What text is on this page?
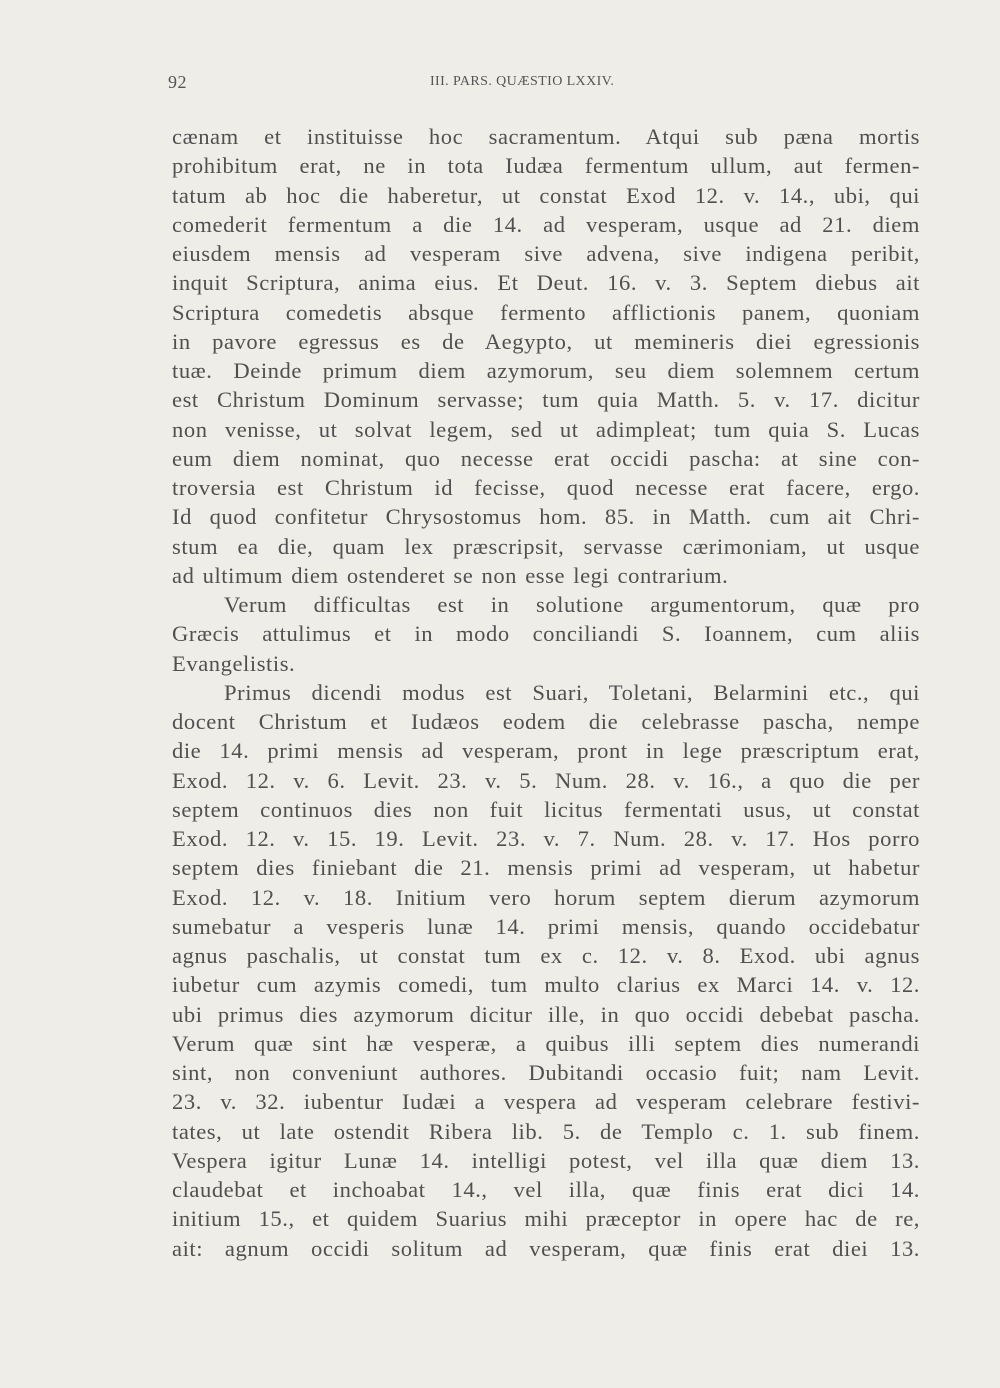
92	III. PARS. QUÆSTIO LXXIV.
cænam et instituisse hoc sacramentum. Atqui sub pæna mortis
prohibitum erat, ne in tota Iudæa fermentum ullum, aut fermen-
tatum ab hoc die haberetur, ut constat Exod 12. v. 14., ubi, qui
comederit fermentum a die 14. ad vesperam, usque ad 21. diem
eiusdem mensis ad vesperam sive advena, sive indigena peribit,
inquit Scriptura, anima eius. Et Deut. 16. v. 3. Septem diebus ait
Scriptura comedetis absque fermento afflictionis panem, quoniam
in pavore egressus es de Aegypto, ut memineris diei egressionis
tuæ. Deinde primum diem azymorum, seu diem solemnem certum
est Christum Dominum servasse; tum quia Matth. 5. v. 17. dicitur
non venisse, ut solvat legem, sed ut adimpleat; tum quia S. Lucas
eum diem nominat, quo necesse erat occidi pascha: at sine con-
troversia est Christum id fecisse, quod necesse erat facere, ergo.
Id quod confitetur Chrysostomus hom. 85. in Matth. cum ait Chri-
stum ea die, quam lex præscripsit, servasse cærimoniam, ut usque
ad ultimum diem ostenderet se non esse legi contrarium.
Verum difficultas est in solutione argumentorum, quæ pro
Græcis attulimus et in modo conciliandi S. Ioannem, cum aliis
Evangelistis.
Primus dicendi modus est Suari, Toletani, Belarmini etc., qui
docent Christum et Iudæos eodem die celebrasse pascha, nempe
die 14. primi mensis ad vesperam, pront in lege præscriptum erat,
Exod. 12. v. 6. Levit. 23. v. 5. Num. 28. v. 16., a quo die per
septem continuos dies non fuit licitus fermentati usus, ut constat
Exod. 12. v. 15. 19. Levit. 23. v. 7. Num. 28. v. 17. Hos porro
septem dies finiebant die 21. mensis primi ad vesperam, ut habetur
Exod. 12. v. 18. Initium vero horum septem dierum azymorum
sumebatur a vesperis lunæ 14. primi mensis, quando occidebatur
agnus paschalis, ut constat tum ex c. 12. v. 8. Exod. ubi agnus
iubetur cum azymis comedi, tum multo clarius ex Marci 14. v. 12.
ubi primus dies azymorum dicitur ille, in quo occidi debebat pascha.
Verum quæ sint hæ vesperæ, a quibus illi septem dies numerandi
sint, non conveniunt authores. Dubitandi occasio fuit; nam Levit.
23. v. 32. iubentur Iudæi a vespera ad vesperam celebrare festivi-
tates, ut late ostendit Ribera lib. 5. de Templo c. 1. sub finem.
Vespera igitur Lunæ 14. intelligi potest, vel illa quæ diem 13.
claudebat et inchoabat 14., vel illa, quæ finis erat dici 14.
initium 15., et quidem Suarius mihi præceptor in opere hac de re,
ait: agnum occidi solitum ad vesperam, quæ finis erat diei 13.
